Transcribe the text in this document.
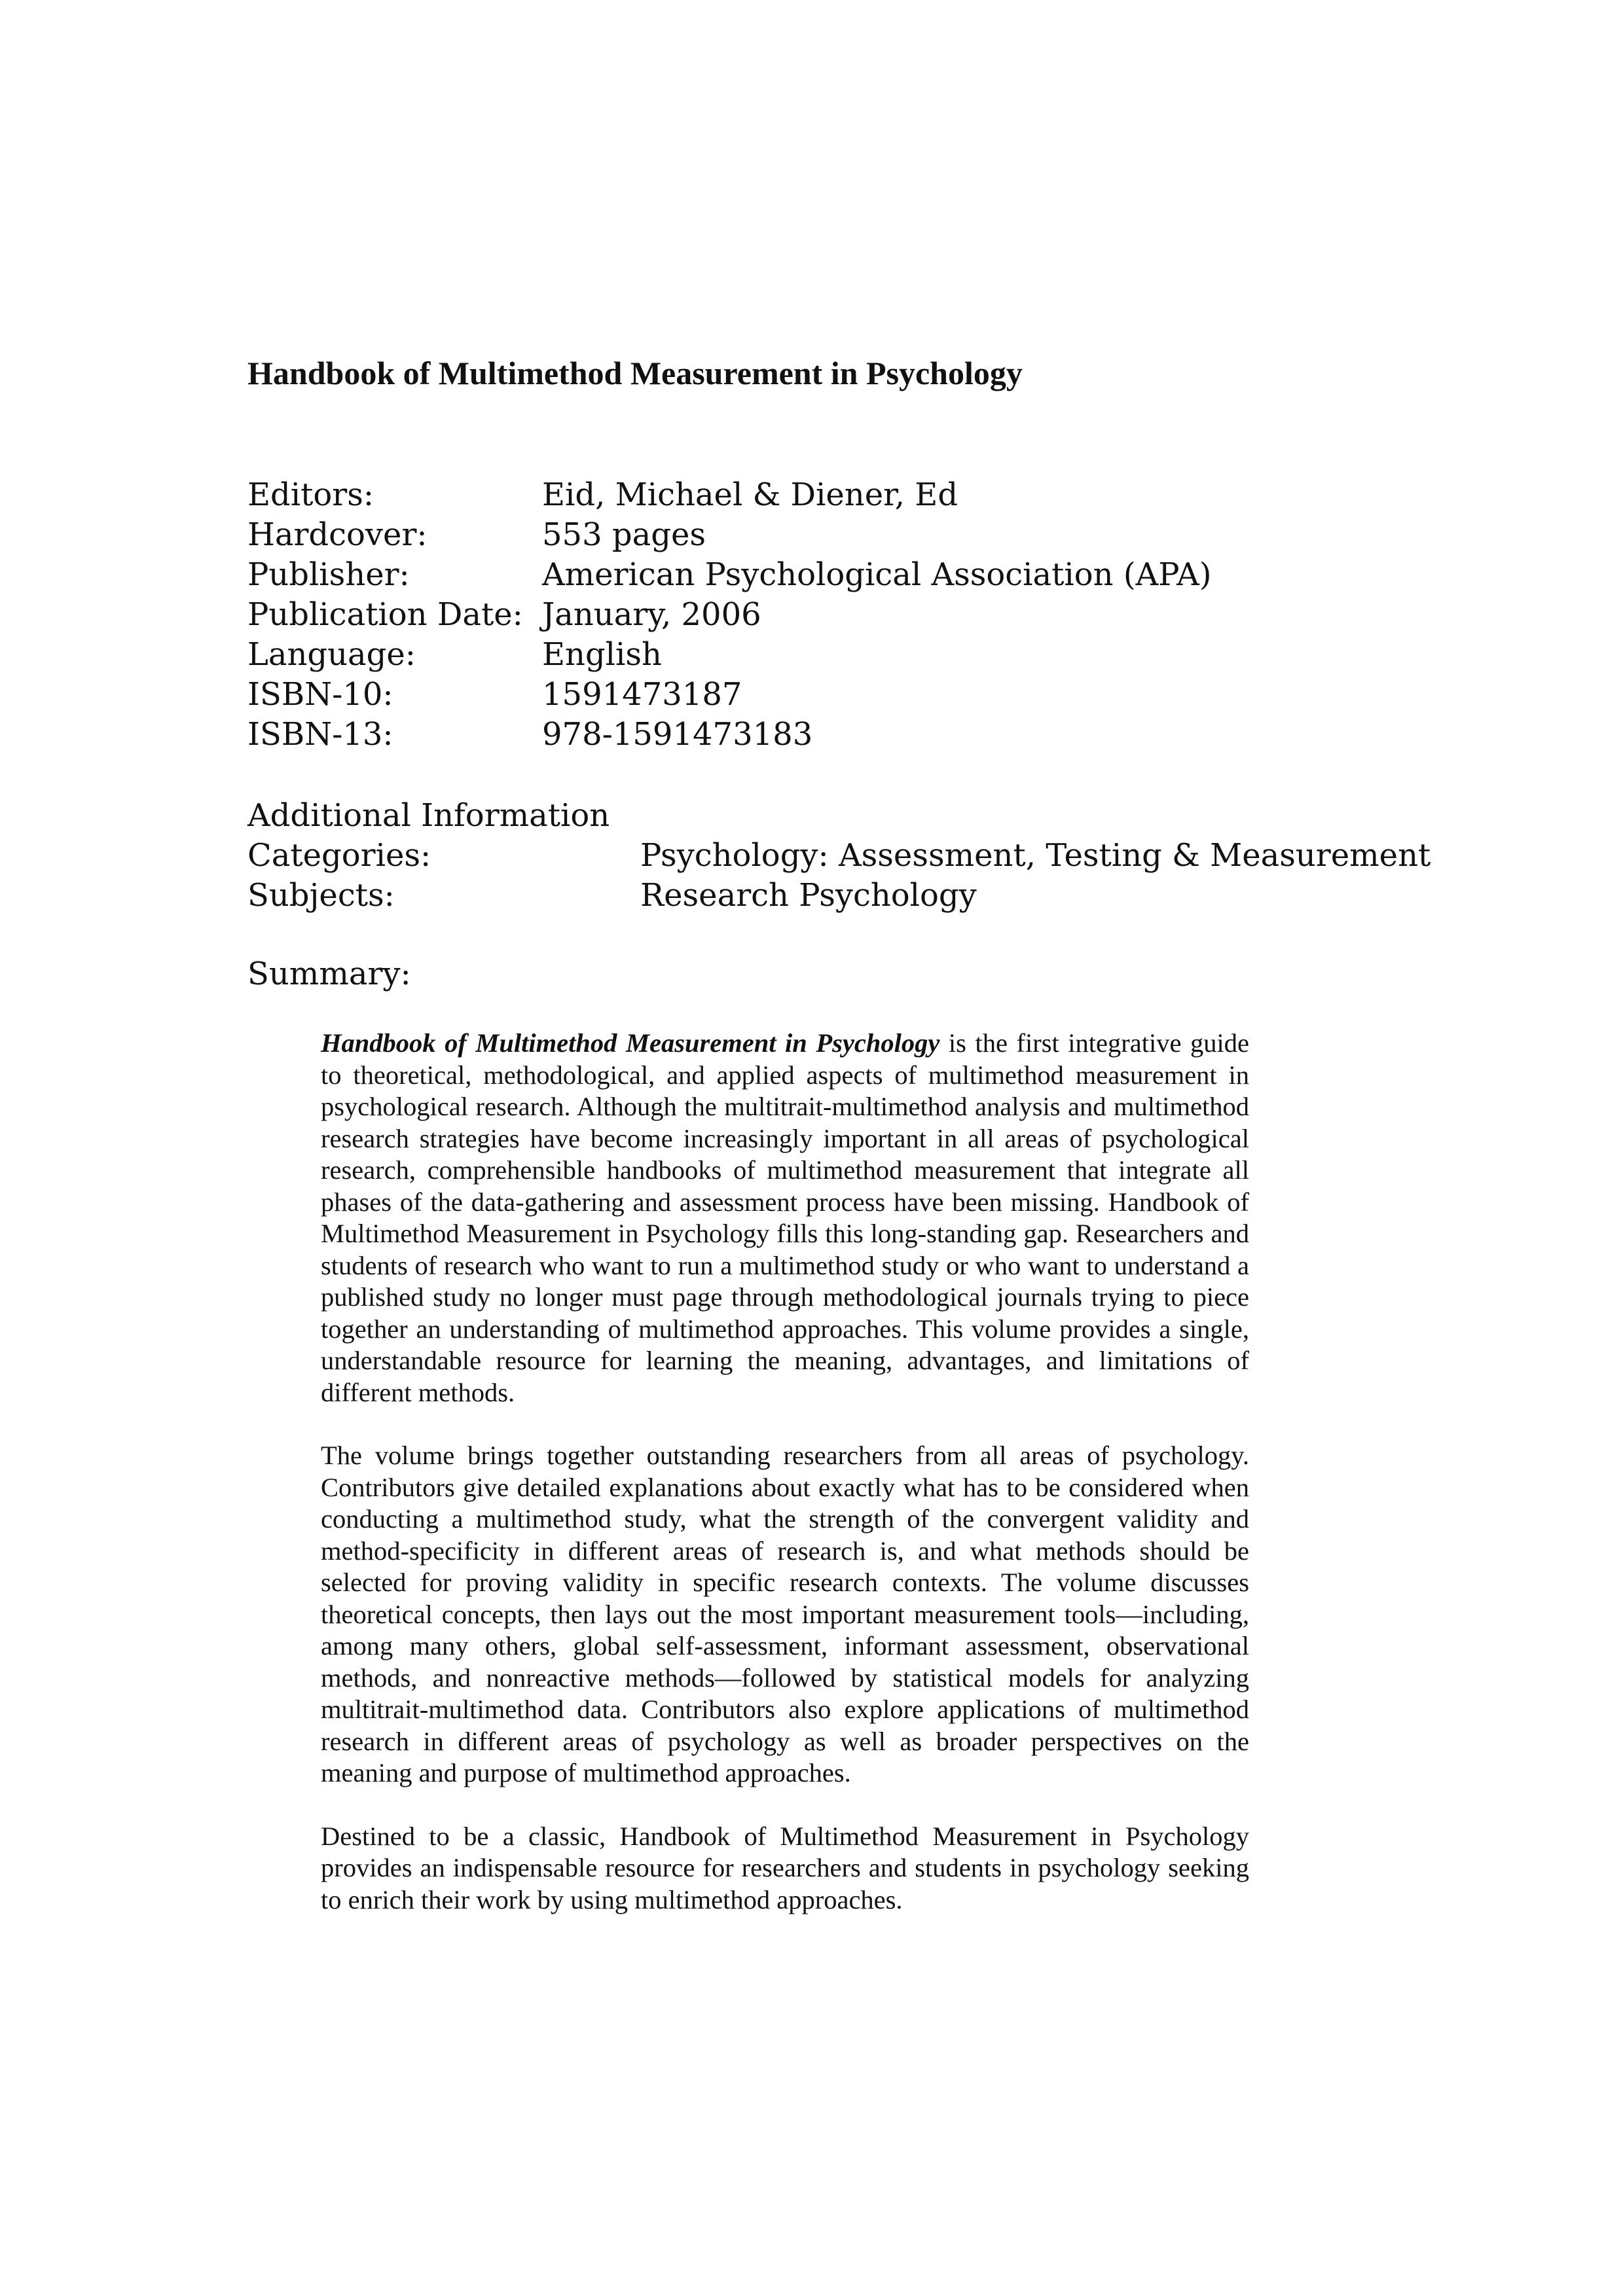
Handbook of Multimethod Measurement in Psychology
Editors:	Eid, Michael & Diener, Ed
Hardcover:	553 pages
Publisher:	American Psychological Association (APA)
Publication Date: January, 2006
Language:	English
ISBN-10:	1591473187
ISBN-13:	978-1591473183
Additional Information
Categories:	Psychology: Assessment, Testing & Measurement
Subjects:	Research Psychology
Summary:

Handbook of Multimethod Measurement in Psychology is the first integrative guide to theoretical, methodological, and applied aspects of multimethod measurement in psychological research. Although the multitrait-multimethod analysis and multimethod research strategies have become increasingly important in all areas of psychological research, comprehensible handbooks of multimethod measurement that integrate all phases of the data-gathering and assessment process have been missing. Handbook of Multimethod Measurement in Psychology fills this long-standing gap. Researchers and students of research who want to run a multimethod study or who want to understand a published study no longer must page through methodological journals trying to piece together an understanding of multimethod approaches. This volume provides a single, understandable resource for learning the meaning, advantages, and limitations of different methods.

The volume brings together outstanding researchers from all areas of psychology. Contributors give detailed explanations about exactly what has to be considered when conducting a multimethod study, what the strength of the convergent validity and method-specificity in different areas of research is, and what methods should be selected for proving validity in specific research contexts. The volume discusses theoretical concepts, then lays out the most important measurement tools—including, among many others, global self-assessment, informant assessment, observational methods, and nonreactive methods—followed by statistical models for analyzing multitrait-multimethod data. Contributors also explore applications of multimethod research in different areas of psychology as well as broader perspectives on the meaning and purpose of multimethod approaches.

Destined to be a classic, Handbook of Multimethod Measurement in Psychology provides an indispensable resource for researchers and students in psychology seeking to enrich their work by using multimethod approaches.
